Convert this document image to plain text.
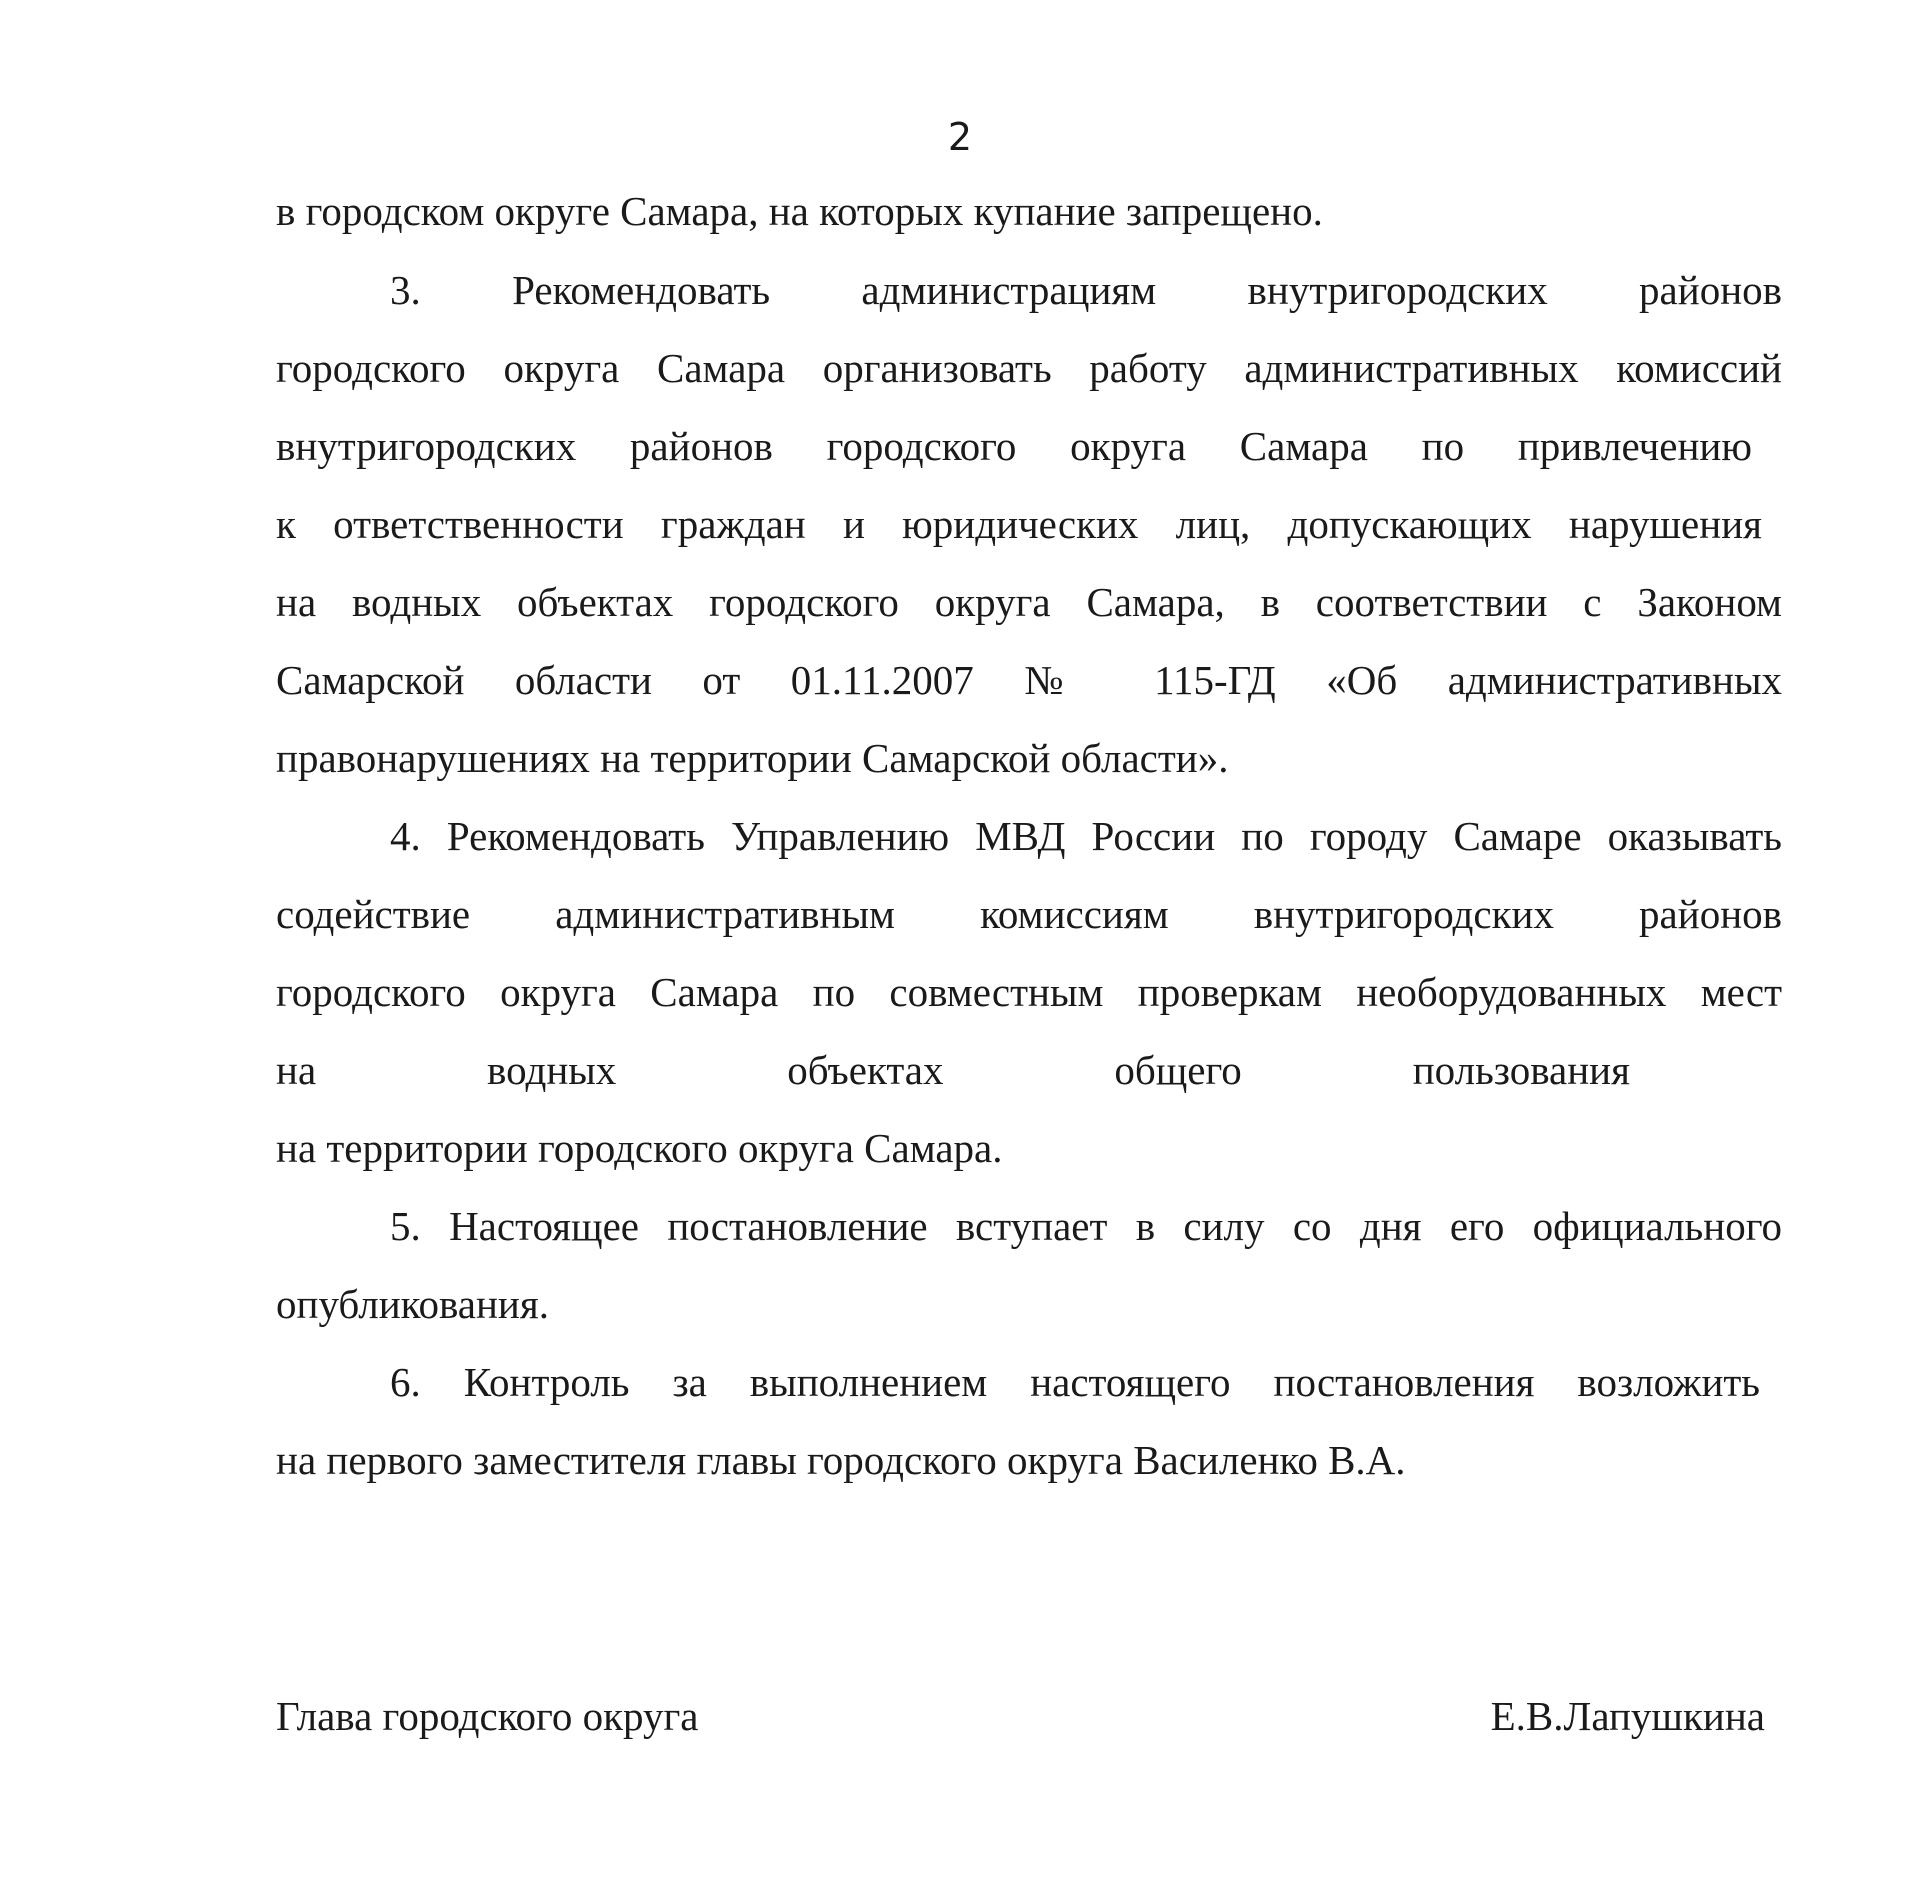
2
в городском округе Самара, на которых купание запрещено.
3. Рекомендовать администрациям внутригородских районов
городского округа Самара организовать работу административных комиссий
внутригородских районов городского округа Самара по привлечению
к ответственности граждан и юридических лиц, допускающих нарушения
на водных объектах городского округа Самара, в соответствии с Законом
Самарской области от 01.11.2007 № 115-ГД «Об административных
правонарушениях на территории Самарской области».
4. Рекомендовать Управлению МВД России по городу Самаре оказывать
содействие административным комиссиям внутригородских районов
городского округа Самара по совместным проверкам необорудованных мест
на водных объектах общего пользования
на территории городского округа Самара.
5. Настоящее постановление вступает в силу со дня его официального
опубликования.
6. Контроль за выполнением настоящего постановления возложить
на первого заместителя главы городского округа Василенко В.А.
Глава городского округа	Е.В.Лапушкина
